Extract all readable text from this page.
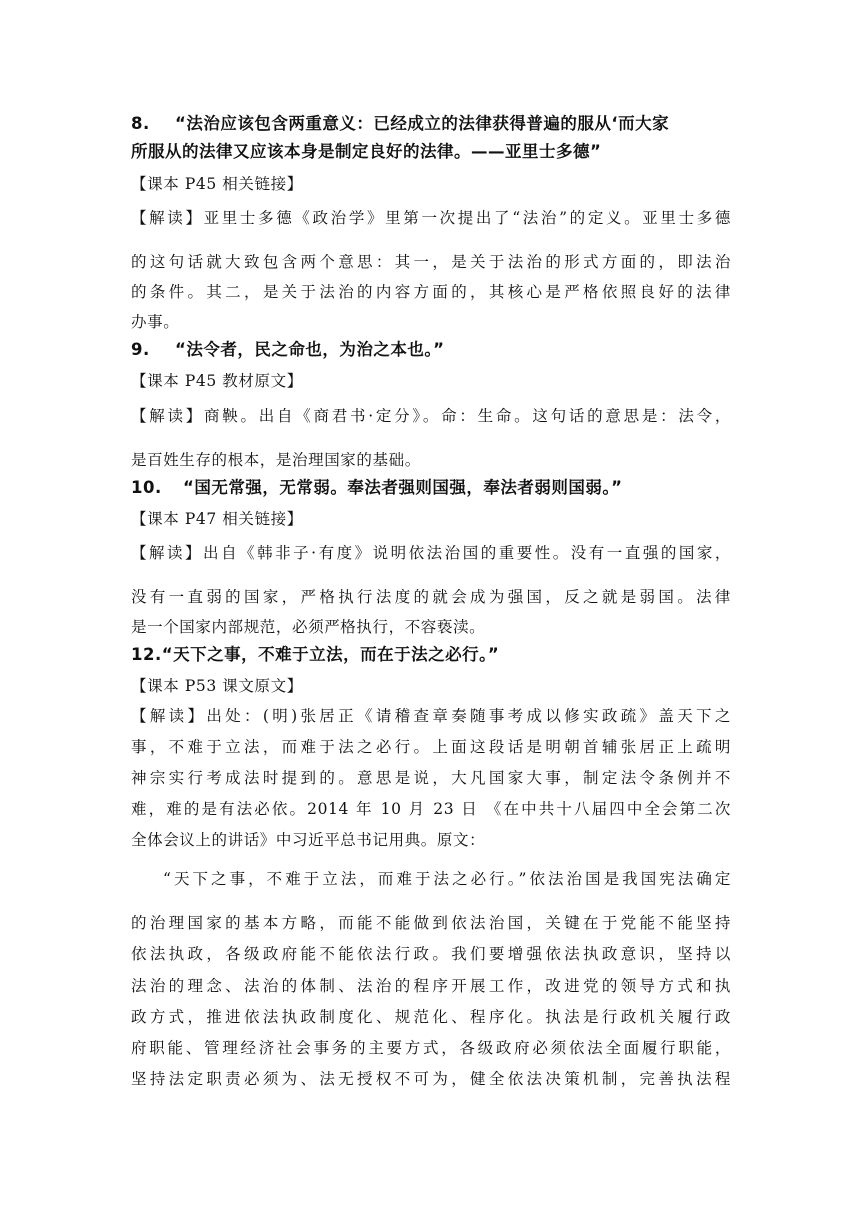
8. “法治应该包含两重意义：已经成立的法律获得普遍的服从‘而大家
所服从的法律又应该本身是制定良好的法律。——亚里士多德”
【课本 P45 相关链接】
【解读】亚里士多德《政治学》里第一次提出了“法治”的定义。亚里士多德
的这句话就大致包含两个意思：其一，是关于法治的形式方面的，即法治
的条件。其二，是关于法治的内容方面的，其核心是严格依照良好的法律
办事。
9. “法令者，民之命也，为治之本也。”
【课本 P45 教材原文】
【解读】商鞅。出自《商君书·定分》。命：生命。这句话的意思是：法令，
是百姓生存的根本，是治理国家的基础。
10. “国无常强，无常弱。奉法者强则国强，奉法者弱则国弱。”
【课本 P47 相关链接】
【解读】出自《韩非子·有度》说明依法治国的重要性。没有一直强的国家，
没有一直弱的国家，严格执行法度的就会成为强国，反之就是弱国。法律
是一个国家内部规范，必须严格执行，不容亵渎。
12.“天下之事，不难于立法，而在于法之必行。”
【课本 P53 课文原文】
【解读】出处：(明)张居正《请稽查章奏随事考成以修实政疏》盖天下之
事，不难于立法，而难于法之必行。上面这段话是明朝首辅张居正上疏明
神宗实行考成法时提到的。意思是说，大凡国家大事，制定法令条例并不
难，难的是有法必依。2014 年 10 月 23 日 《在中共十八届四中全会第二次
全体会议上的讲话》中习近平总书记用典。原文：
“天下之事，不难于立法，而难于法之必行。”依法治国是我国宪法确定
的治理国家的基本方略，而能不能做到依法治国，关键在于党能不能坚持
依法执政，各级政府能不能依法行政。我们要增强依法执政意识，坚持以
法治的理念、法治的体制、法治的程序开展工作，改进党的领导方式和执
政方式，推进依法执政制度化、规范化、程序化。执法是行政机关履行政
府职能、管理经济社会事务的主要方式，各级政府必须依法全面履行职能，
坚持法定职责必须为、法无授权不可为，健全依法决策机制，完善执法程
